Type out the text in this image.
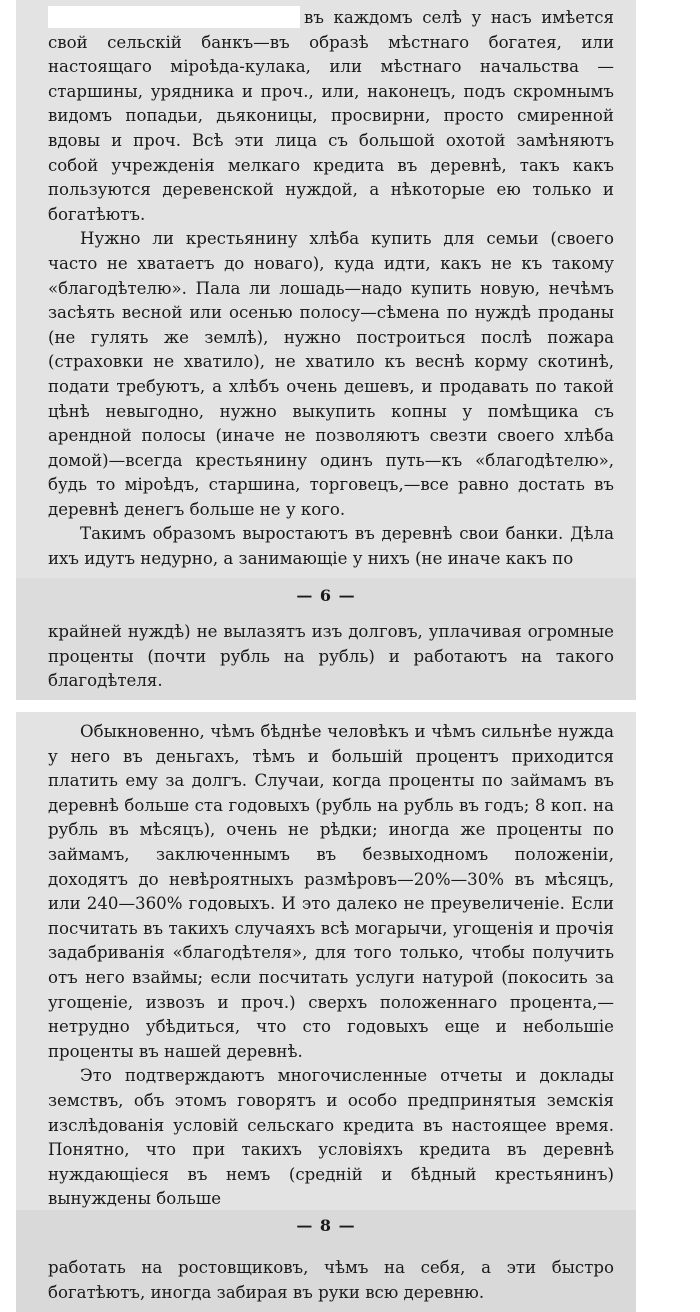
въ каждомъ селѣ у насъ имѣется свой сельскій банкъ—въ образѣ мѣстнаго богатея, или настоящаго міроѣда-кулака, или мѣстнаго начальства — старшины, урядника и проч., или, наконецъ, подъ скромнымъ видомъ попадьи, дьяконицы, просвирни, просто смиренной вдовы и проч. Всѣ эти лица съ большой охотой замѣняютъ собой учрежденія мелкаго кредита въ деревнѣ, такъ какъ пользуются деревенской нуждой, а нѣкоторые ею только и богатѣютъ.

Нужно ли крестьянину хлѣба купить для семьи (своего часто не хватаетъ до новаго), куда идти, какъ не къ такому «благодѣтелю». Пала ли лошадь—надо купить новую, нечѣмъ засѣять весной или осенью полосу—сѣмена по нуждѣ проданы (не гулять же землѣ), нужно построиться послѣ пожара (страховки не хватило), не хватило къ веснѣ корму скотинѣ, подати требуютъ, а хлѣбъ очень дешевъ, и продавать по такой цѣнѣ невыгодно, нужно выкупить копны у помѣщика съ арендной полосы (иначе не позволяютъ свезти своего хлѣба домой)—всегда крестьянину одинъ путь—къ «благодѣтелю», будь то міроѣдъ, старшина, торговецъ,—все равно достать въ деревнѣ денегъ больше не у кого.

Такимъ образомъ выростаютъ въ деревнѣ свои банки. Дѣла ихъ идутъ недурно, а занимающіе у нихъ (не иначе какъ по

— 6 —

крайней нуждѣ) не вылазятъ изъ долговъ, уплачивая огромные проценты (почти рубль на рубль) и работаютъ на такого благодѣтеля.

Обыкновенно, чѣмъ бѣднѣе человѣкъ и чѣмъ сильнѣе нужда у него въ деньгахъ, тѣмъ и большій процентъ приходится платить ему за долгъ. Случаи, когда проценты по займамъ въ деревнѣ больше ста годовыхъ (рубль на рубль въ годъ; 8 коп. на рубль въ мѣсяцъ), очень не рѣдки; иногда же проценты по займамъ, заключеннымъ въ безвыходномъ положеніи, доходятъ до невѣроятныхъ размѣровъ—20%—30% въ мѣсяцъ, или 240—360% годовыхъ. И это далеко не преувеличеніе. Если посчитать въ такихъ случаяхъ всѣ могарычи, угощенія и прочія задабриванія «благодѣтеля», для того только, чтобы получить отъ него взаймы; если посчитать услуги натурой (покосить за угощеніе, извозъ и проч.) сверхъ положеннаго процента,—нетрудно убѣдиться, что сто годовыхъ еще и небольшіе проценты въ нашей деревнѣ.

Это подтверждаютъ многочисленные отчеты и доклады земствъ, объ этомъ говорятъ и особо предпринятыя земскія изслѣдованія условій сельскаго кредита въ настоящее время. Понятно, что при такихъ условіяхъ кредита въ деревнѣ нуждающіеся въ немъ (средній и бѣдный крестьянинъ) вынуждены больше

— 8 —

работать на ростовщиковъ, чѣмъ на себя, а эти быстро богатѣютъ, иногда забирая въ руки всю деревню.
